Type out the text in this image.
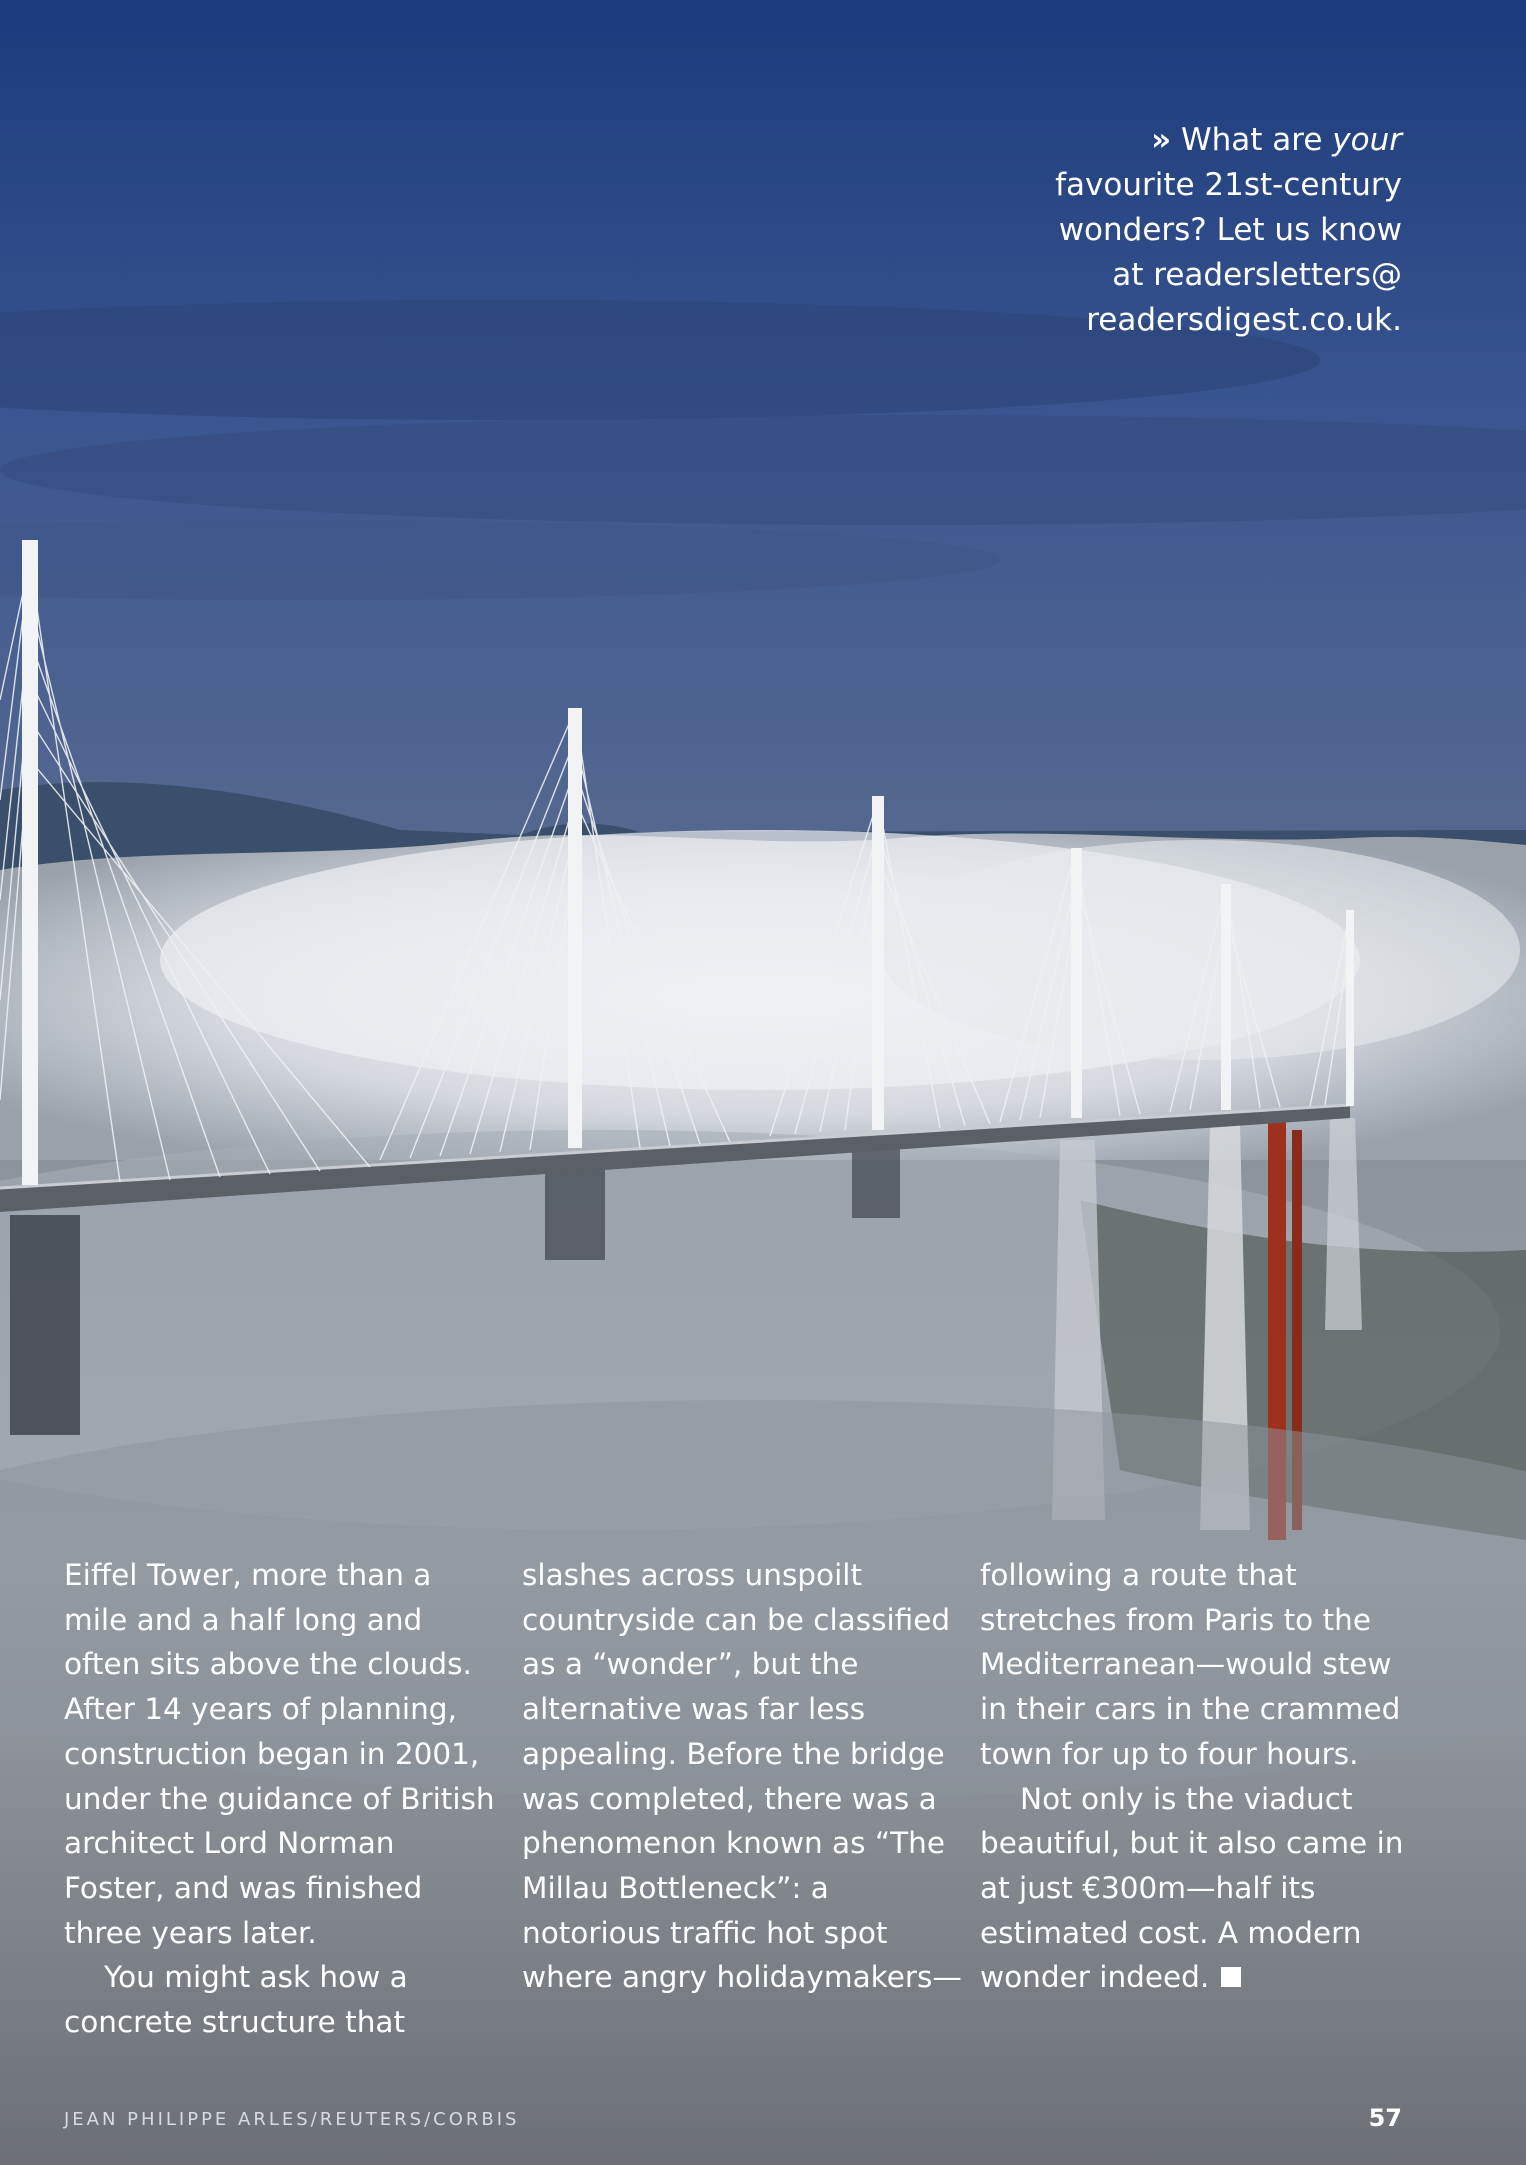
» What are your
favourite 21st-century
wonders? Let us know
at readersletters@
readersdigest.co.uk.

Eiffel Tower, more than a mile and a half long and often sits above the clouds. After 14 years of planning, construction began in 2001, under the guidance of British architect Lord Norman Foster, and was finished three years later.

You might ask how a concrete structure that

slashes across unspoilt countryside can be classified as a “wonder”, but the alternative was far less appealing. Before the bridge was completed, there was a phenomenon known as “The Millau Bottleneck”: a notorious traffic hot spot where angry holidaymakers—

following a route that stretches from Paris to the Mediterranean—would stew in their cars in the crammed town for up to four hours.

Not only is the viaduct beautiful, but it also came in at just €300m—half its estimated cost. A modern wonder indeed.

JEAN PHILIPPE ARLES/REUTERS/CORBIS	57
